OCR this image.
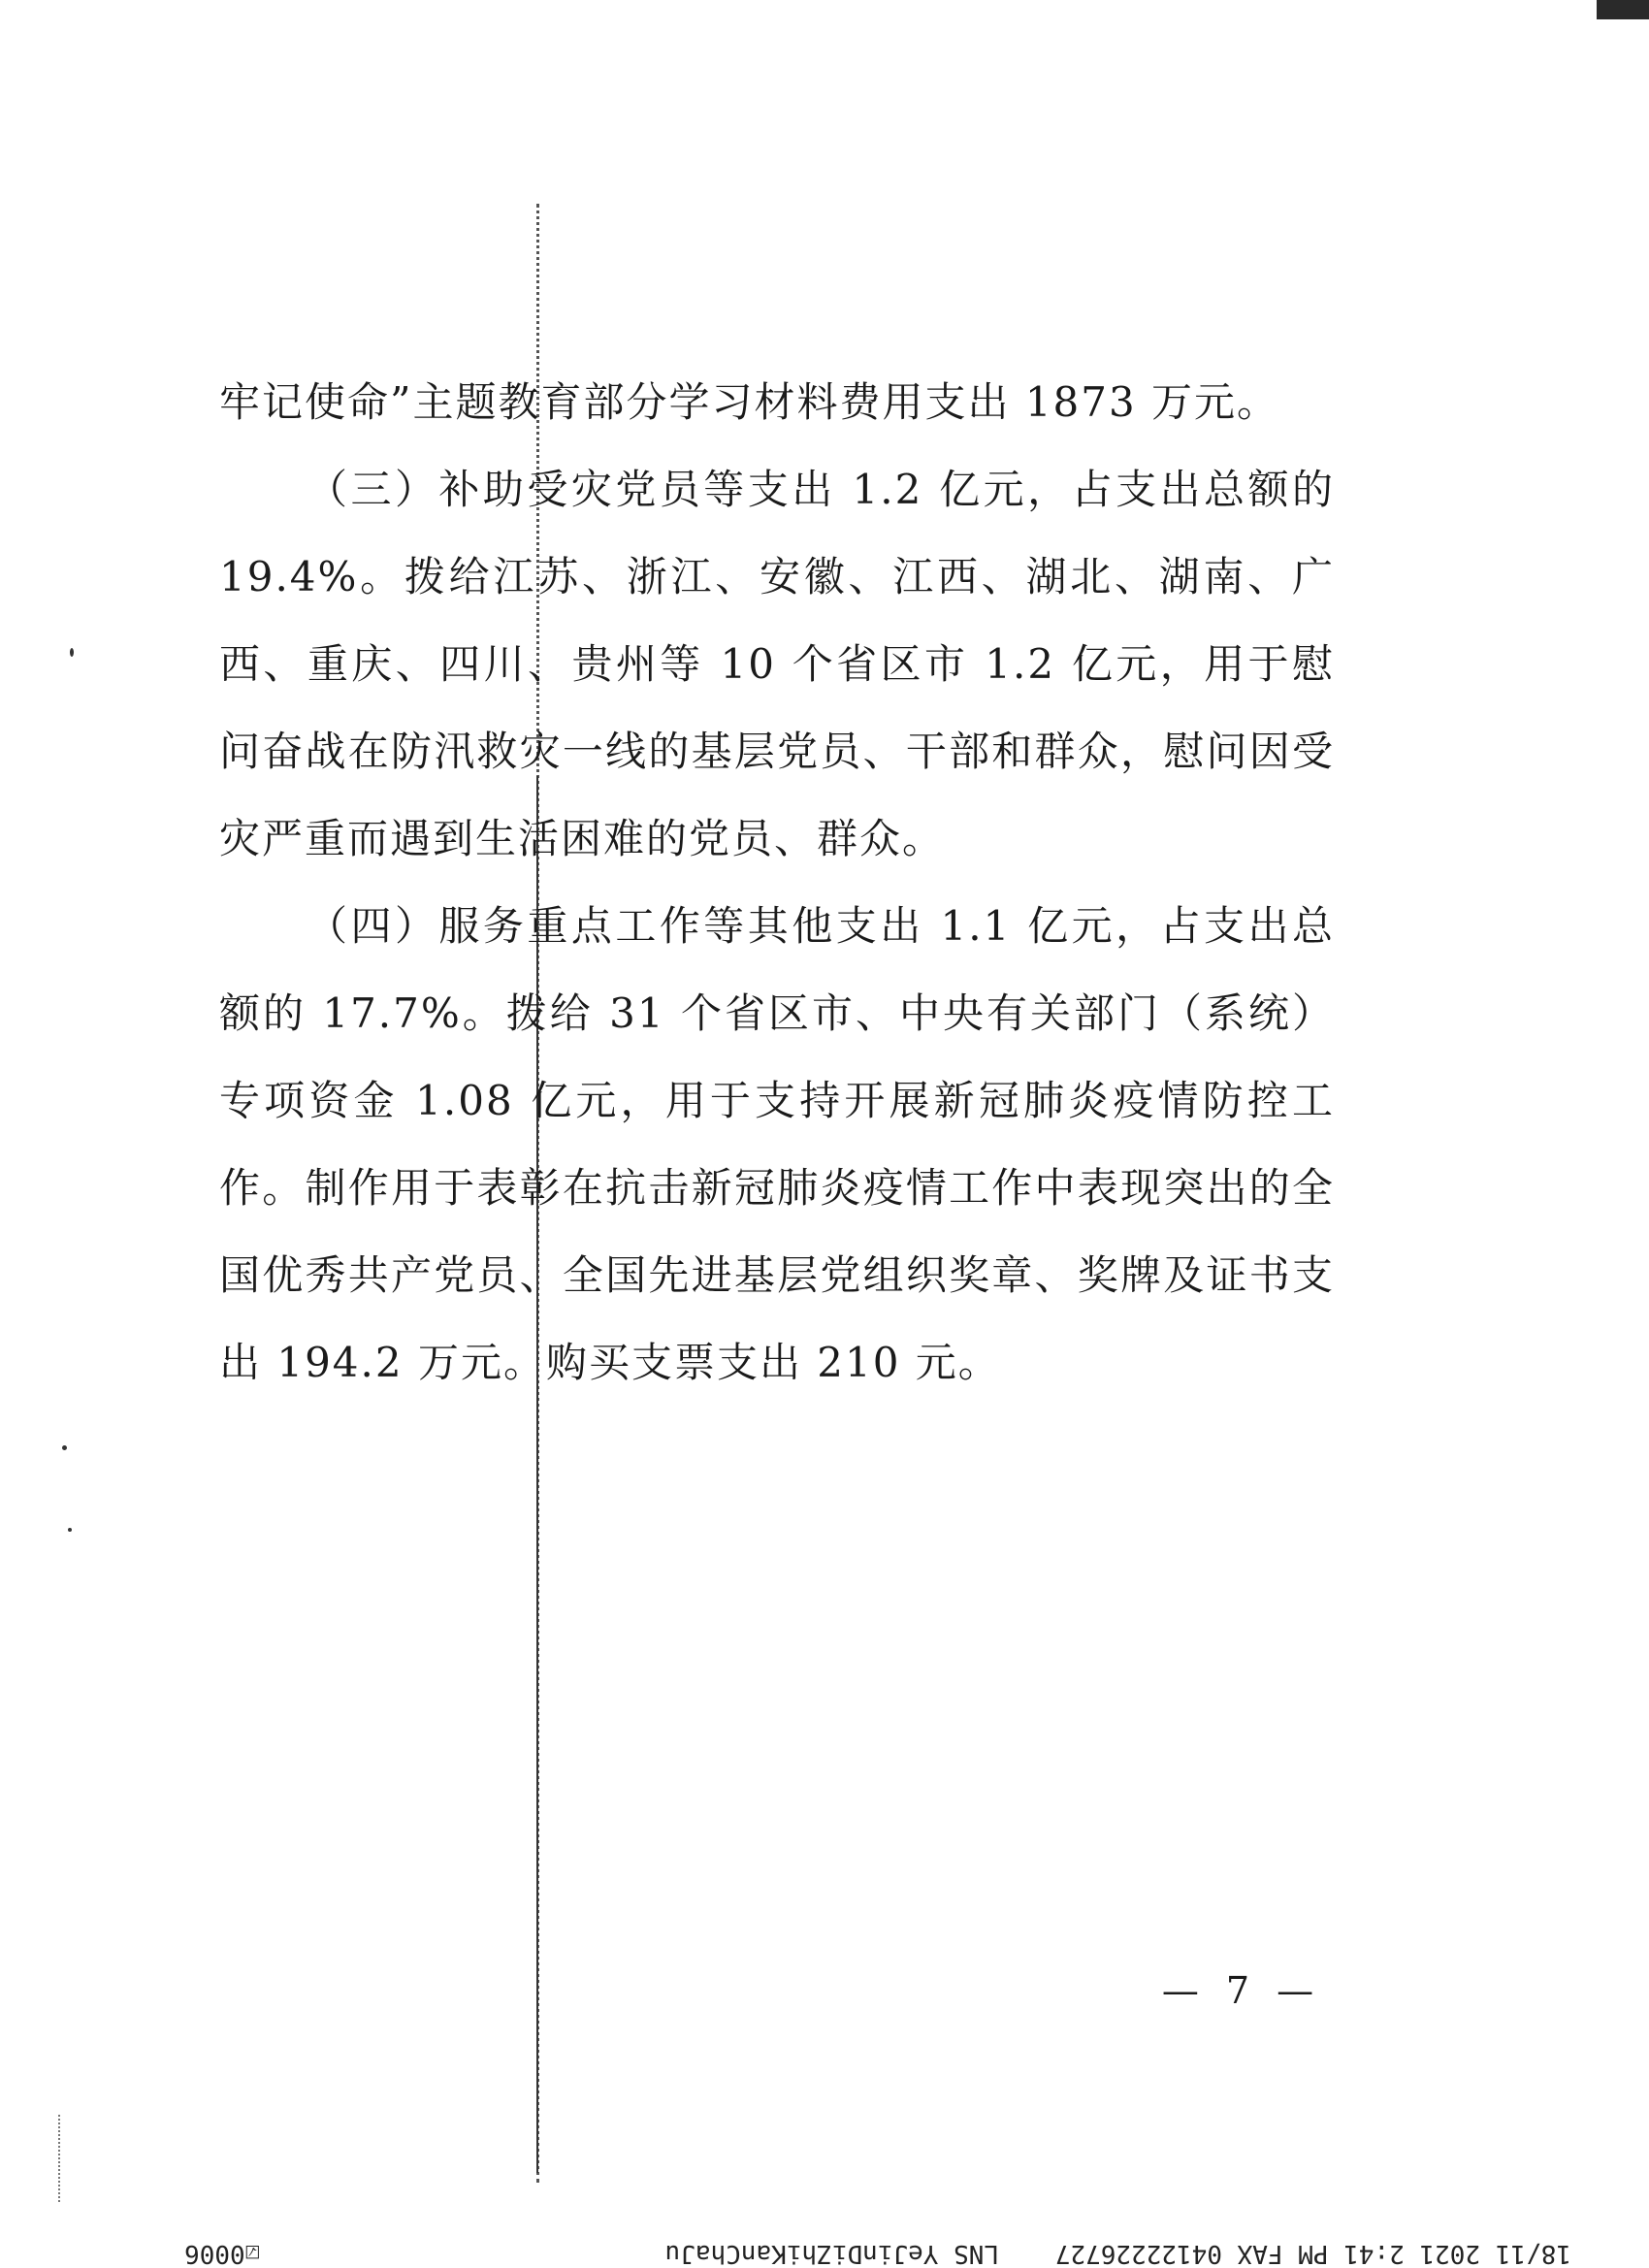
牢记使命”主题教育部分学习材料费用支出 1873 万元。

（三）补助受灾党员等支出 1.2 亿元，占支出总额的 19.4%。拨给江苏、浙江、安徽、江西、湖北、湖南、广西、重庆、四川、贵州等 10 个省区市 1.2 亿元，用于慰问奋战在防汛救灾一线的基层党员、干部和群众，慰问因受灾严重而遇到生活困难的党员、群众。

（四）服务重点工作等其他支出 1.1 亿元，占支出总额的 17.7%。拨给 31 个省区市、中央有关部门（系统）专项资金 1.08 亿元，用于支持开展新冠肺炎疫情防控工作。制作用于表彰在抗击新冠肺炎疫情工作中表现突出的全国优秀共产党员、全国先进基层党组织奖章、奖牌及证书支出 194.2 万元。购买支票支出 210 元。

— 7 —
18/11 2021 2:41 PM FAX 04122226727
LNS YeJinDiZhiKanChaJu
☑0006
